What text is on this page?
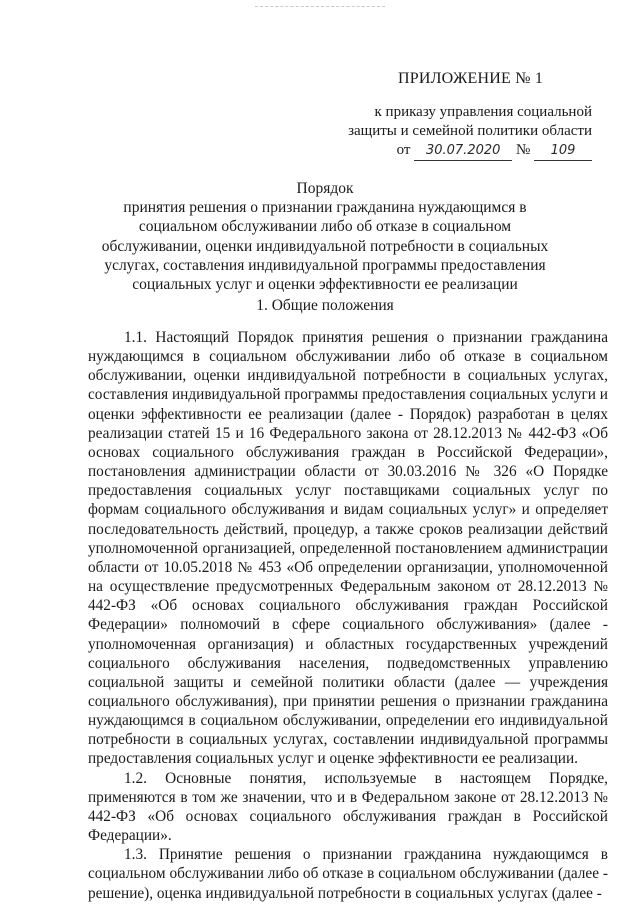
ПРИЛОЖЕНИЕ № 1
к приказу управления социальной
защиты и семейной политики области
от 30.07.2020 № 109
Порядок
принятия решения о признании гражданина нуждающимся в социальном обслуживании либо об отказе в социальном обслуживании, оценки индивидуальной потребности в социальных услугах, составления индивидуальной программы предоставления социальных услуг и оценки эффективности ее реализации
1. Общие положения

1.1. Настоящий Порядок принятия решения о признании гражданина нуждающимся в социальном обслуживании либо об отказе в социальном обслуживании, оценки индивидуальной потребности в социальных услугах, составления индивидуальной программы предоставления социальных услуги и оценки эффективности ее реализации (далее - Порядок) разработан в целях реализации статей 15 и 16 Федерального закона от 28.12.2013 № 442-ФЗ «Об основах социального обслуживания граждан в Российской Федерации», постановления администрации области от 30.03.2016 № 326 «О Порядке предоставления социальных услуг поставщиками социальных услуг по формам социального обслуживания и видам социальных услуг» и определяет последовательность действий, процедур, а также сроков реализации действий уполномоченной организацией, определенной постановлением администрации области от 10.05.2018 № 453 «Об определении организации, уполномоченной на осуществление предусмотренных Федеральным законом от 28.12.2013 № 442-ФЗ «Об основах социального обслуживания граждан Российской Федерации» полномочий в сфере социального обслуживания» (далее - уполномоченная организация) и областных государственных учреждений социального обслуживания населения, подведомственных управлению социальной защиты и семейной политики области (далее — учреждения социального обслуживания), при принятии решения о признании гражданина нуждающимся в социальном обслуживании, определении его индивидуальной потребности в социальных услугах, составлении индивидуальной программы предоставления социальных услуг и оценке эффективности ее реализации.

1.2. Основные понятия, используемые в настоящем Порядке, применяются в том же значении, что и в Федеральном законе от 28.12.2013 № 442-ФЗ «Об основах социального обслуживания граждан в Российской Федерации».

1.3. Принятие решения о признании гражданина нуждающимся в социальном обслуживании либо об отказе в социальном обслуживании (далее - решение), оценка индивидуальной потребности в социальных услугах (далее -
